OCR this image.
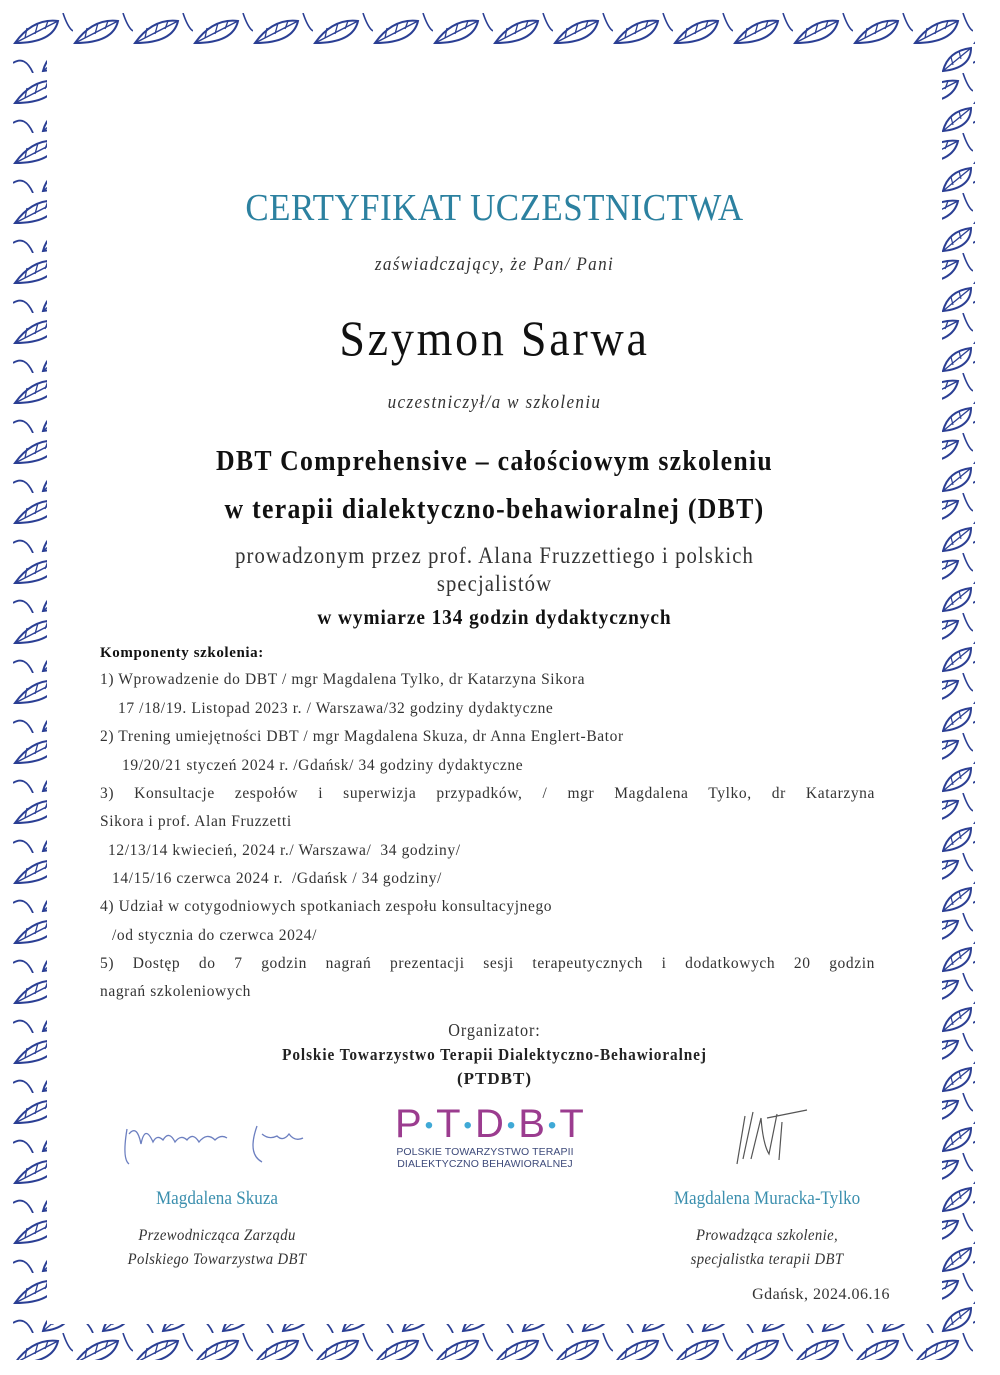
CERTYFIKAT UCZESTNICTWA
zaświadczający, że Pan/ Pani
Szymon Sarwa
uczestniczył/a w szkoleniu
DBT Comprehensive – całościowym szkoleniu
w terapii dialektyczno-behawioralnej (DBT)
prowadzonym przez prof. Alana Fruzzettiego i polskich
specjalistów
w wymiarze 134 godzin dydaktycznych
Komponenty szkolenia:
1) Wprowadzenie do DBT / mgr Magdalena Tylko, dr Katarzyna Sikora
17 /18/19. Listopad 2023 r. / Warszawa/32 godziny dydaktyczne
2) Trening umiejętności DBT / mgr Magdalena Skuza, dr Anna Englert-Bator
19/20/21 styczeń 2024 r. /Gdańsk/ 34 godziny dydaktyczne
3) Konsultacje zespołów i superwizja przypadków, / mgr Magdalena Tylko, dr Katarzyna
Sikora i prof. Alan Fruzzetti
12/13/14 kwiecień, 2024 r./ Warszawa/  34 godziny/
14/15/16 czerwca 2024 r.  /Gdańsk / 34 godziny/
4) Udział w cotygodniowych spotkaniach zespołu konsultacyjnego
/od stycznia do czerwca 2024/
5) Dostęp do 7 godzin nagrań prezentacji sesji terapeutycznych i dodatkowych 20 godzin
nagrań szkoleniowych
Organizator:
Polskie Towarzystwo Terapii Dialektyczno-Behawioralnej
(PTDBT)
Magdalena Skuza
Przewodnicząca Zarządu
Polskiego Towarzystwa DBT
P•T•D•B•T
POLSKIE TOWARZYSTWO TERAPII
DIALEKTYCZNO BEHAWIORALNEJ
Magdalena Muracka-Tylko
Prowadząca szkolenie,
specjalistka terapii DBT
Gdańsk, 2024.06.16
